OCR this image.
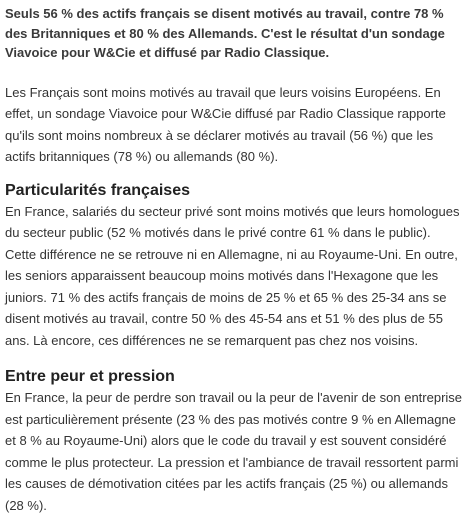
Seuls 56 % des actifs français se disent motivés au travail, contre 78 % des Britanniques et 80 % des Allemands. C'est le résultat d'un sondage Viavoice pour W&Cie et diffusé par Radio Classique.

Les Français sont moins motivés au travail que leurs voisins Européens. En effet, un sondage Viavoice pour W&Cie diffusé par Radio Classique rapporte qu'ils sont moins nombreux à se déclarer motivés au travail (56 %) que les actifs britanniques (78 %) ou allemands (80 %).

Particularités françaises

En France, salariés du secteur privé sont moins motivés que leurs homologues du secteur public (52 % motivés dans le privé contre 61 % dans le public). Cette différence ne se retrouve ni en Allemagne, ni au Royaume-Uni. En outre, les seniors apparaissent beaucoup moins motivés dans l'Hexagone que les juniors. 71 % des actifs français de moins de 25 % et 65 % des 25-34 ans se disent motivés au travail, contre 50 % des 45-54 ans et 51 % des plus de 55 ans. Là encore, ces différences ne se remarquent pas chez nos voisins.

Entre peur et pression

En France, la peur de perdre son travail ou la peur de l'avenir de son entreprise est particulièrement présente (23 % des pas motivés contre 9 % en Allemagne et 8 % au Royaume-Uni) alors que le code du travail y est souvent considéré comme le plus protecteur. La pression et l'ambiance de travail ressortent parmi les causes de démotivation citées par les actifs français (25 %) ou allemands (28 %).
